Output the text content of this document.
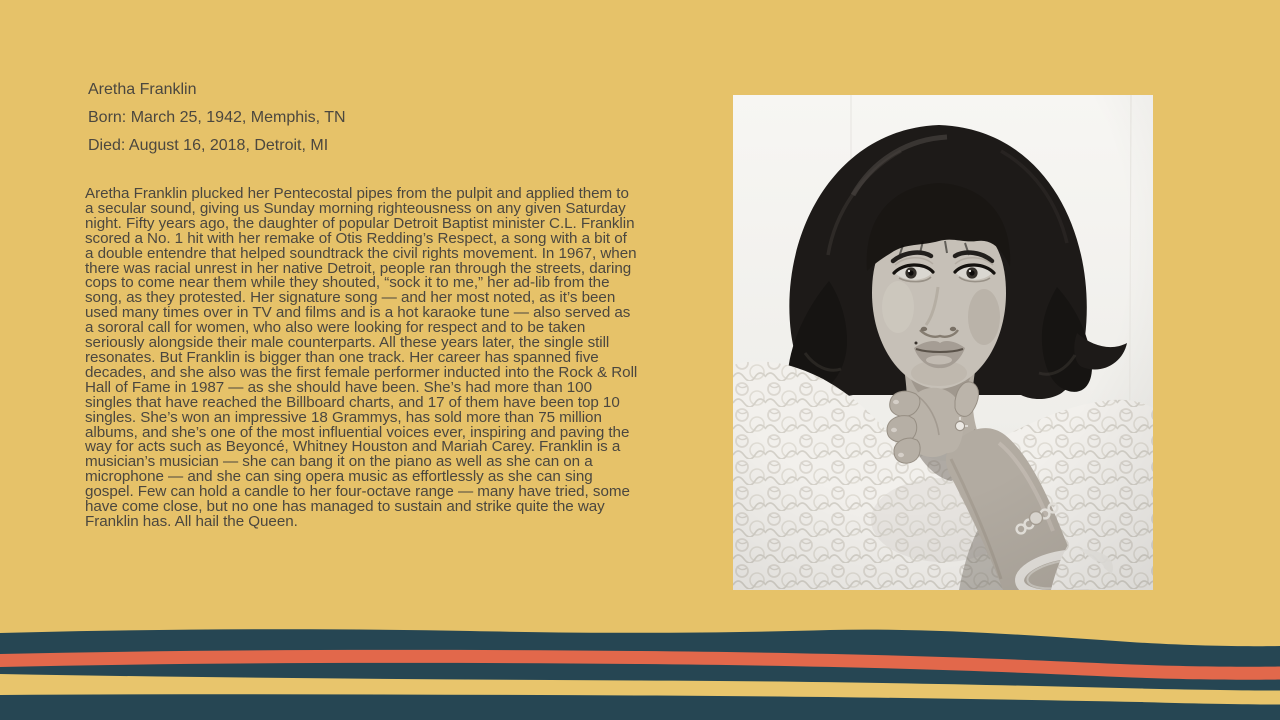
Aretha Franklin

Born: March 25, 1942, Memphis, TN

Died: August 16, 2018, Detroit, MI

Aretha Franklin plucked her Pentecostal pipes from the pulpit and applied them to a secular sound, giving us Sunday morning righteousness on any given Saturday night. Fifty years ago, the daughter of popular Detroit Baptist minister C.L. Franklin scored a No. 1 hit with her remake of Otis Redding’s Respect, a song with a bit of a double entendre that helped soundtrack the civil rights movement. In 1967, when there was racial unrest in her native Detroit, people ran through the streets, daring cops to come near them while they shouted, “sock it to me,” her ad-lib from the song, as they protested. Her signature song — and her most noted, as it’s been used many times over in TV and films and is a hot karaoke tune — also served as a sororal call for women, who also were looking for respect and to be taken seriously alongside their male counterparts. All these years later, the single still resonates. But Franklin is bigger than one track. Her career has spanned five decades, and she also was the first female performer inducted into the Rock & Roll Hall of Fame in 1987 — as she should have been. She’s had more than 100 singles that have reached the Billboard charts, and 17 of them have been top 10 singles. She’s won an impressive 18 Grammys, has sold more than 75 million albums, and she’s one of the most influential voices ever, inspiring and paving the way for acts such as Beyoncé, Whitney Houston and Mariah Carey. Franklin is a musician’s musician — she can bang it on the piano as well as she can on a microphone — and she can sing opera music as effortlessly as she can sing gospel. Few can hold a candle to her four-octave range — many have tried, some have come close, but no one has managed to sustain and strike quite the way Franklin has. All hail the Queen.
